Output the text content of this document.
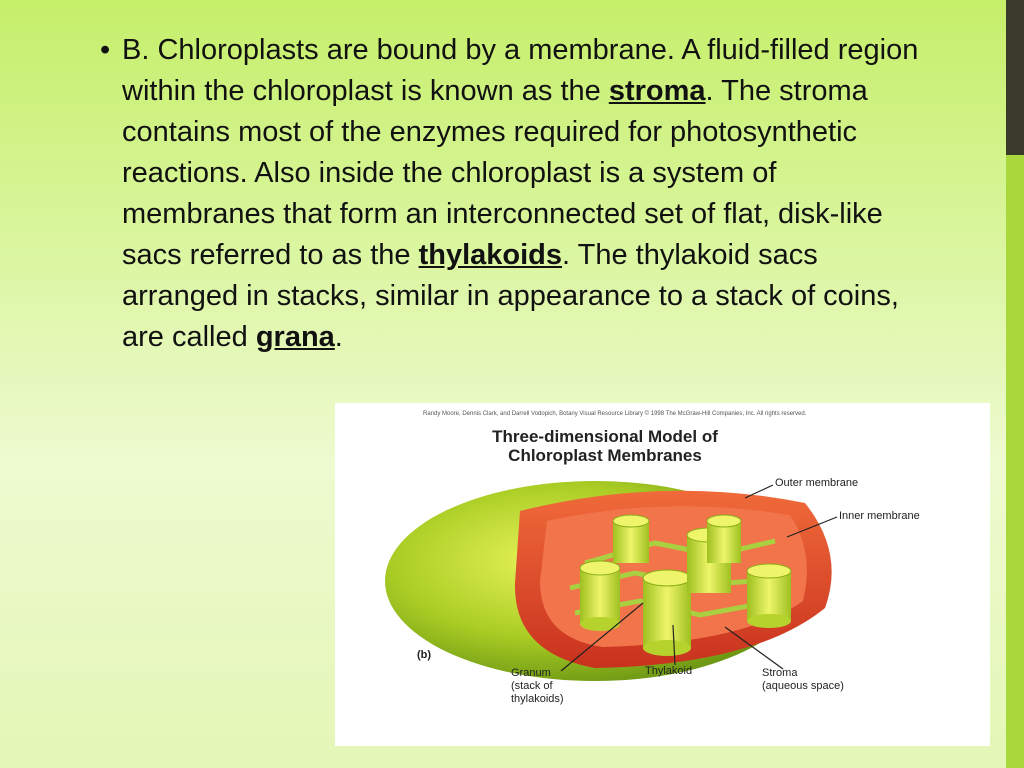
• B. Chloroplasts are bound by a membrane. A fluid-filled region within the chloroplast is known as the stroma. The stroma contains most of the enzymes required for photosynthetic reactions. Also inside the chloroplast is a system of membranes that form an interconnected set of flat, disk-like sacs referred to as the thylakoids. The thylakoid sacs arranged in stacks, similar in appearance to a stack of coins, are called grana.
Randy Moore, Dennis Clark, and Darrell Vodopich, Botany Visual Resource Library © 1998 The McGraw-Hill Companies, Inc. All rights reserved.
Three-dimensional Model of
Chloroplast Membranes
Outer membrane
Inner membrane
(b)
Granum
(stack of
thylakoids)
Thylakoid	Stroma
(aqueous space)
